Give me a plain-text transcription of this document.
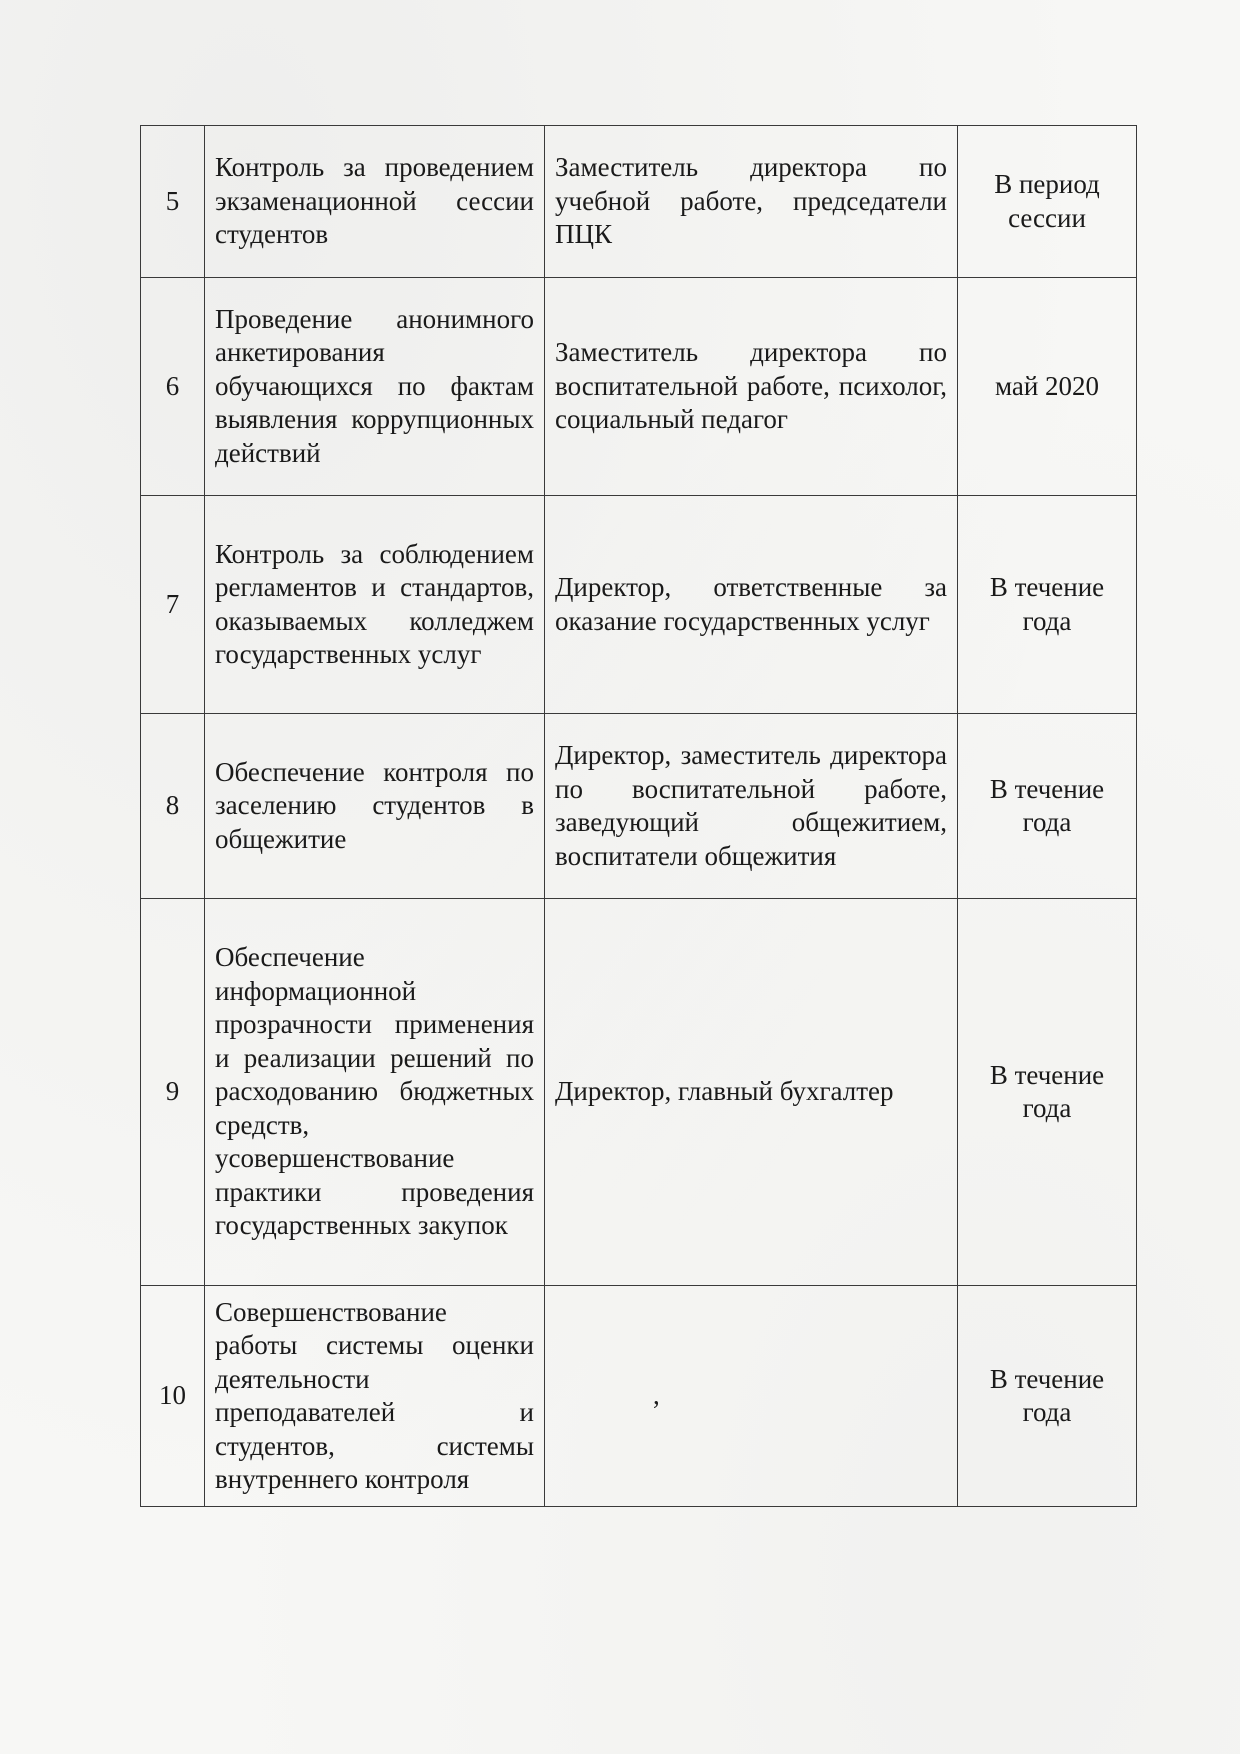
5	Контроль за проведением экзаменационной сессии студентов	Заместитель директора по учебной работе, председатели ПЦК	В период сессии
6	Проведение анонимного анкетирования обучающихся по фактам выявления коррупционных действий	Заместитель директора по воспитательной работе, психолог, социальный педагог	май 2020
7	Контроль за соблюдением регламентов и стандартов, оказываемых колледжем государственных услуг	Директор, ответственные за оказание государственных услуг	В течение года
8	Обеспечение контроля по заселению студентов в общежитие	Директор, заместитель директора по воспитательной работе, заведующий общежитием, воспитатели общежития	В течение года
9	Обеспечение информационной прозрачности применения и реализации решений по расходованию бюджетных средств, усовершенствование практики проведения государственных закупок	Директор, главный бухгалтер	В течение года
10	Совершенствование работы системы оценки деятельности преподавателей и студентов, системы внутреннего контроля	,	В течение года
